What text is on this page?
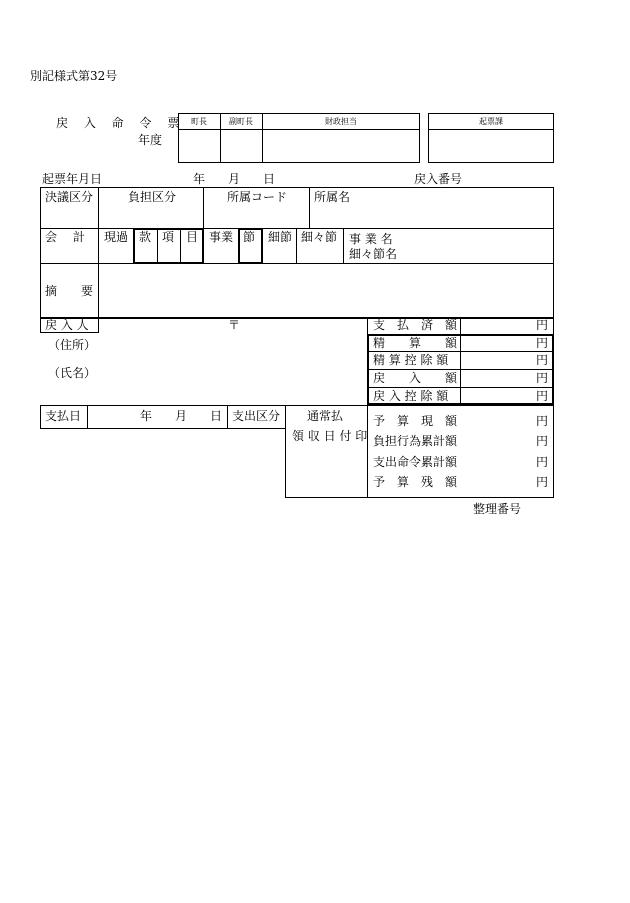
別記様式第32号
戻 入 命 令 票
年度
町長	副町長	財政担当	起票課
起票年月日	年 月 日	戻入番号
決議区分	負担区分	所属コード 所属名
会　計 現過 款 項 目 事業 節 細節 細々節 事 業 名
細々節名
摘　　要
戻 入 人	〒
（住所）
（氏名）
支　払　済　額	円
精　　算　　額	円
精 算 控 除 額	円
戻　　入　　額	円
戻 入 控 除 額	円
支払日	年 月 日 支出区分 通常払
領 収 日 付 印
予　算　現　額	円
負担行為累計額	円
支出命令累計額	円
予　算　残　額	円
整理番号
